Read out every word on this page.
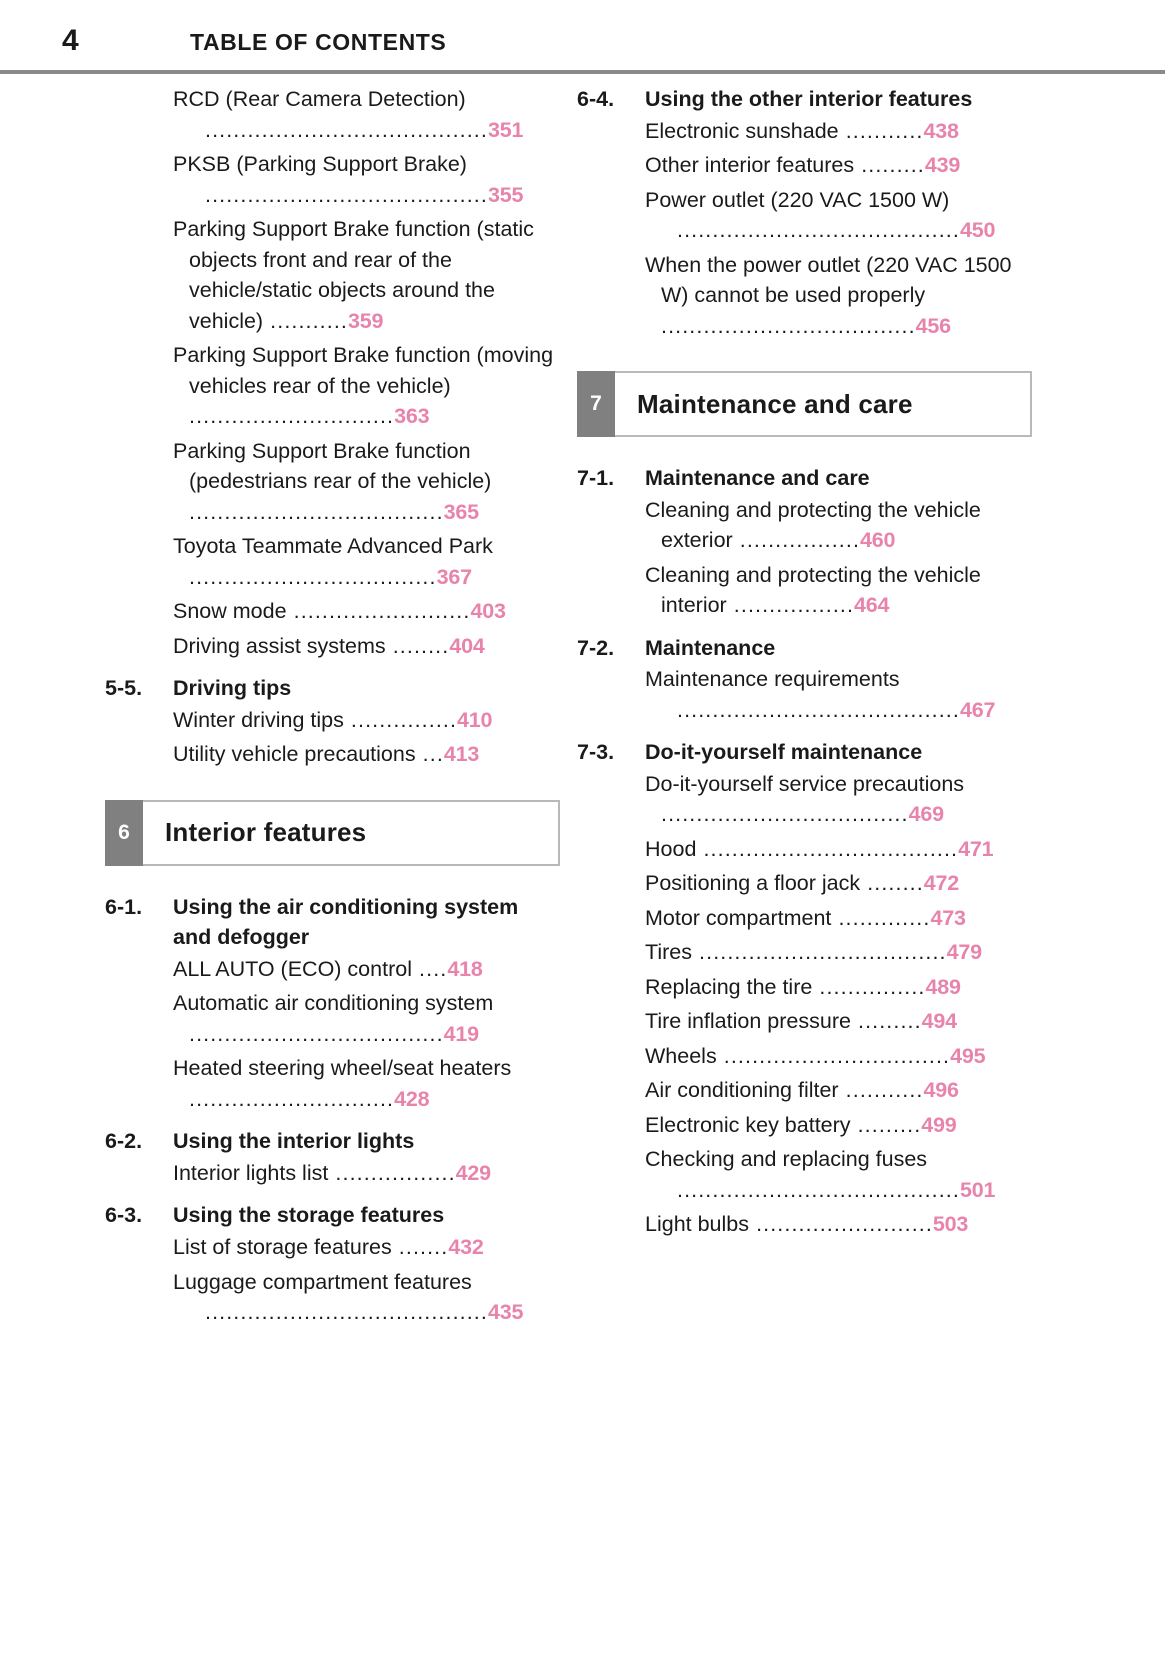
4	TABLE OF CONTENTS
RCD (Rear Camera Detection)
........................................351
PKSB (Parking Support Brake)
........................................355
Parking Support Brake function (static objects front and rear of the vehicle/static objects around the vehicle) ...........359
Parking Support Brake function (moving vehicles rear of the vehicle) .............................363
Parking Support Brake function (pedestrians rear of the vehicle) ....................................365
Toyota Teammate Advanced Park ...................................367
Snow mode .........................403
Driving assist systems ........404
5-5.	Driving tips
Winter driving tips ...............410
Utility vehicle precautions ...413
6	Interior features
6-1.	Using the air conditioning system and defogger
ALL AUTO (ECO) control ....418
Automatic air conditioning system ....................................419
Heated steering wheel/seat heaters .............................428
6-2.	Using the interior lights
Interior lights list .................429
6-3.	Using the storage features
List of storage features .......432
Luggage compartment features
........................................435
6-4.	Using the other interior features
Electronic sunshade ...........438
Other interior features .........439
Power outlet (220 VAC 1500 W)
........................................450
When the power outlet (220 VAC 1500 W) cannot be used properly ....................................456
7	Maintenance and care
7-1.	Maintenance and care
Cleaning and protecting the vehicle exterior .................460
Cleaning and protecting the vehicle interior .................464
7-2.	Maintenance
Maintenance requirements
........................................467
7-3.	Do-it-yourself maintenance
Do-it-yourself service precautions ...................................469
Hood ....................................471
Positioning a floor jack ........472
Motor compartment .............473
Tires ...................................479
Replacing the tire ...............489
Tire inflation pressure .........494
Wheels ................................495
Air conditioning filter ...........496
Electronic key battery .........499
Checking and replacing fuses
........................................501
Light bulbs .........................503
